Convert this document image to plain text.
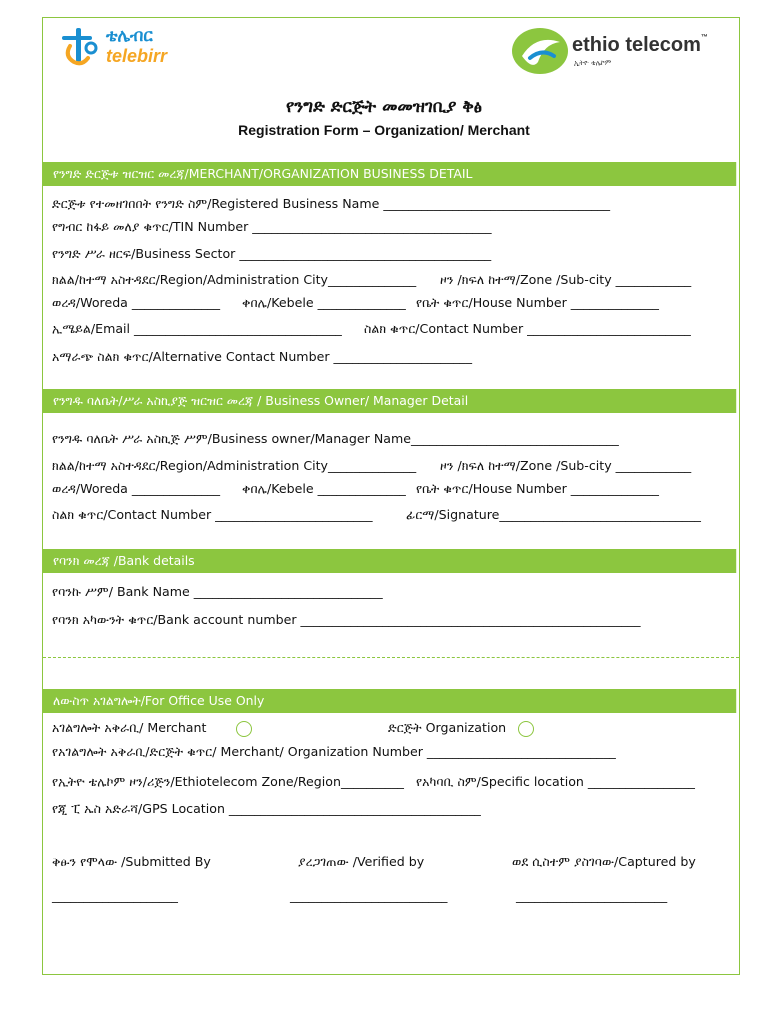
ቴሌብር
telebirr	ethio telecom™
ኢትዮ ቴሌኮም
የንግድ ድርጅት መመዝገቢያ ቅፅ
Registration Form – Organization/ Merchant
የንግድ ድርጅቱ ዝርዝር መረጃ/MERCHANT/ORGANIZATION BUSINESS DETAIL
ድርጅቱ የተመዘገበበት የንግድ ስም/Registered Business Name ____________________________________
የግብር ከፋይ መለያ ቁጥር/TIN Number ______________________________________
የንግድ ሥራ ዘርፍ/Business Sector ________________________________________
ክልል/ከተማ አስተዳደር/Region/Administration City______________ ዞን /ክፍለ ከተማ/Zone /Sub-city ____________
ወረዳ/Woreda ______________ ቀበሌ/Kebele ______________ የቤት ቁጥር/House Number ______________
ኢሜይል/Email _________________________________ ስልክ ቁጥር/Contact Number __________________________
አማራጭ ስልክ ቁጥር/Alternative Contact Number ______________________
የንግዱ ባለቤት/ሥራ አስኪያጅ ዝርዝር መረጃ / Business Owner/ Manager Detail
የንግዱ ባለቤት ሥራ አስኪጅ ሥም/Business owner/Manager Name_________________________________
ክልል/ከተማ አስተዳደር/Region/Administration City______________ ዞን /ክፍለ ከተማ/Zone /Sub-city ____________
ወረዳ/Woreda ______________ ቀበሌ/Kebele ______________ የቤት ቁጥር/House Number ______________
ስልክ ቁጥር/Contact Number _________________________	ፊርማ/Signature________________________________
የባንክ መረጃ /Bank details
የባንኩ ሥም/ Bank Name ______________________________
የባንክ አካውንት ቁጥር/Bank account number ______________________________________________________
ለውስጥ አገልግሎት/For Office Use Only
አገልግሎት አቅራቢ/ Merchant	ድርጅት Organization
የአገልግሎት አቅራቢ/ድርጅት ቁጥር/ Merchant/ Organization Number ______________________________
የኢትዮ ቴሌኮም ዞን/ሪጅን/Ethiotelecom Zone/Region__________ የአካባቢ ስም/Specific location _________________
የጂ ፒ ኤስ አድራሻ/GPS Location ________________________________________
ቅፁን የሞላው /Submitted By	ያረጋገጠው /Verified by	ወደ ሲስተም ያስገባው/Captured by
____________________	_________________________	________________________
